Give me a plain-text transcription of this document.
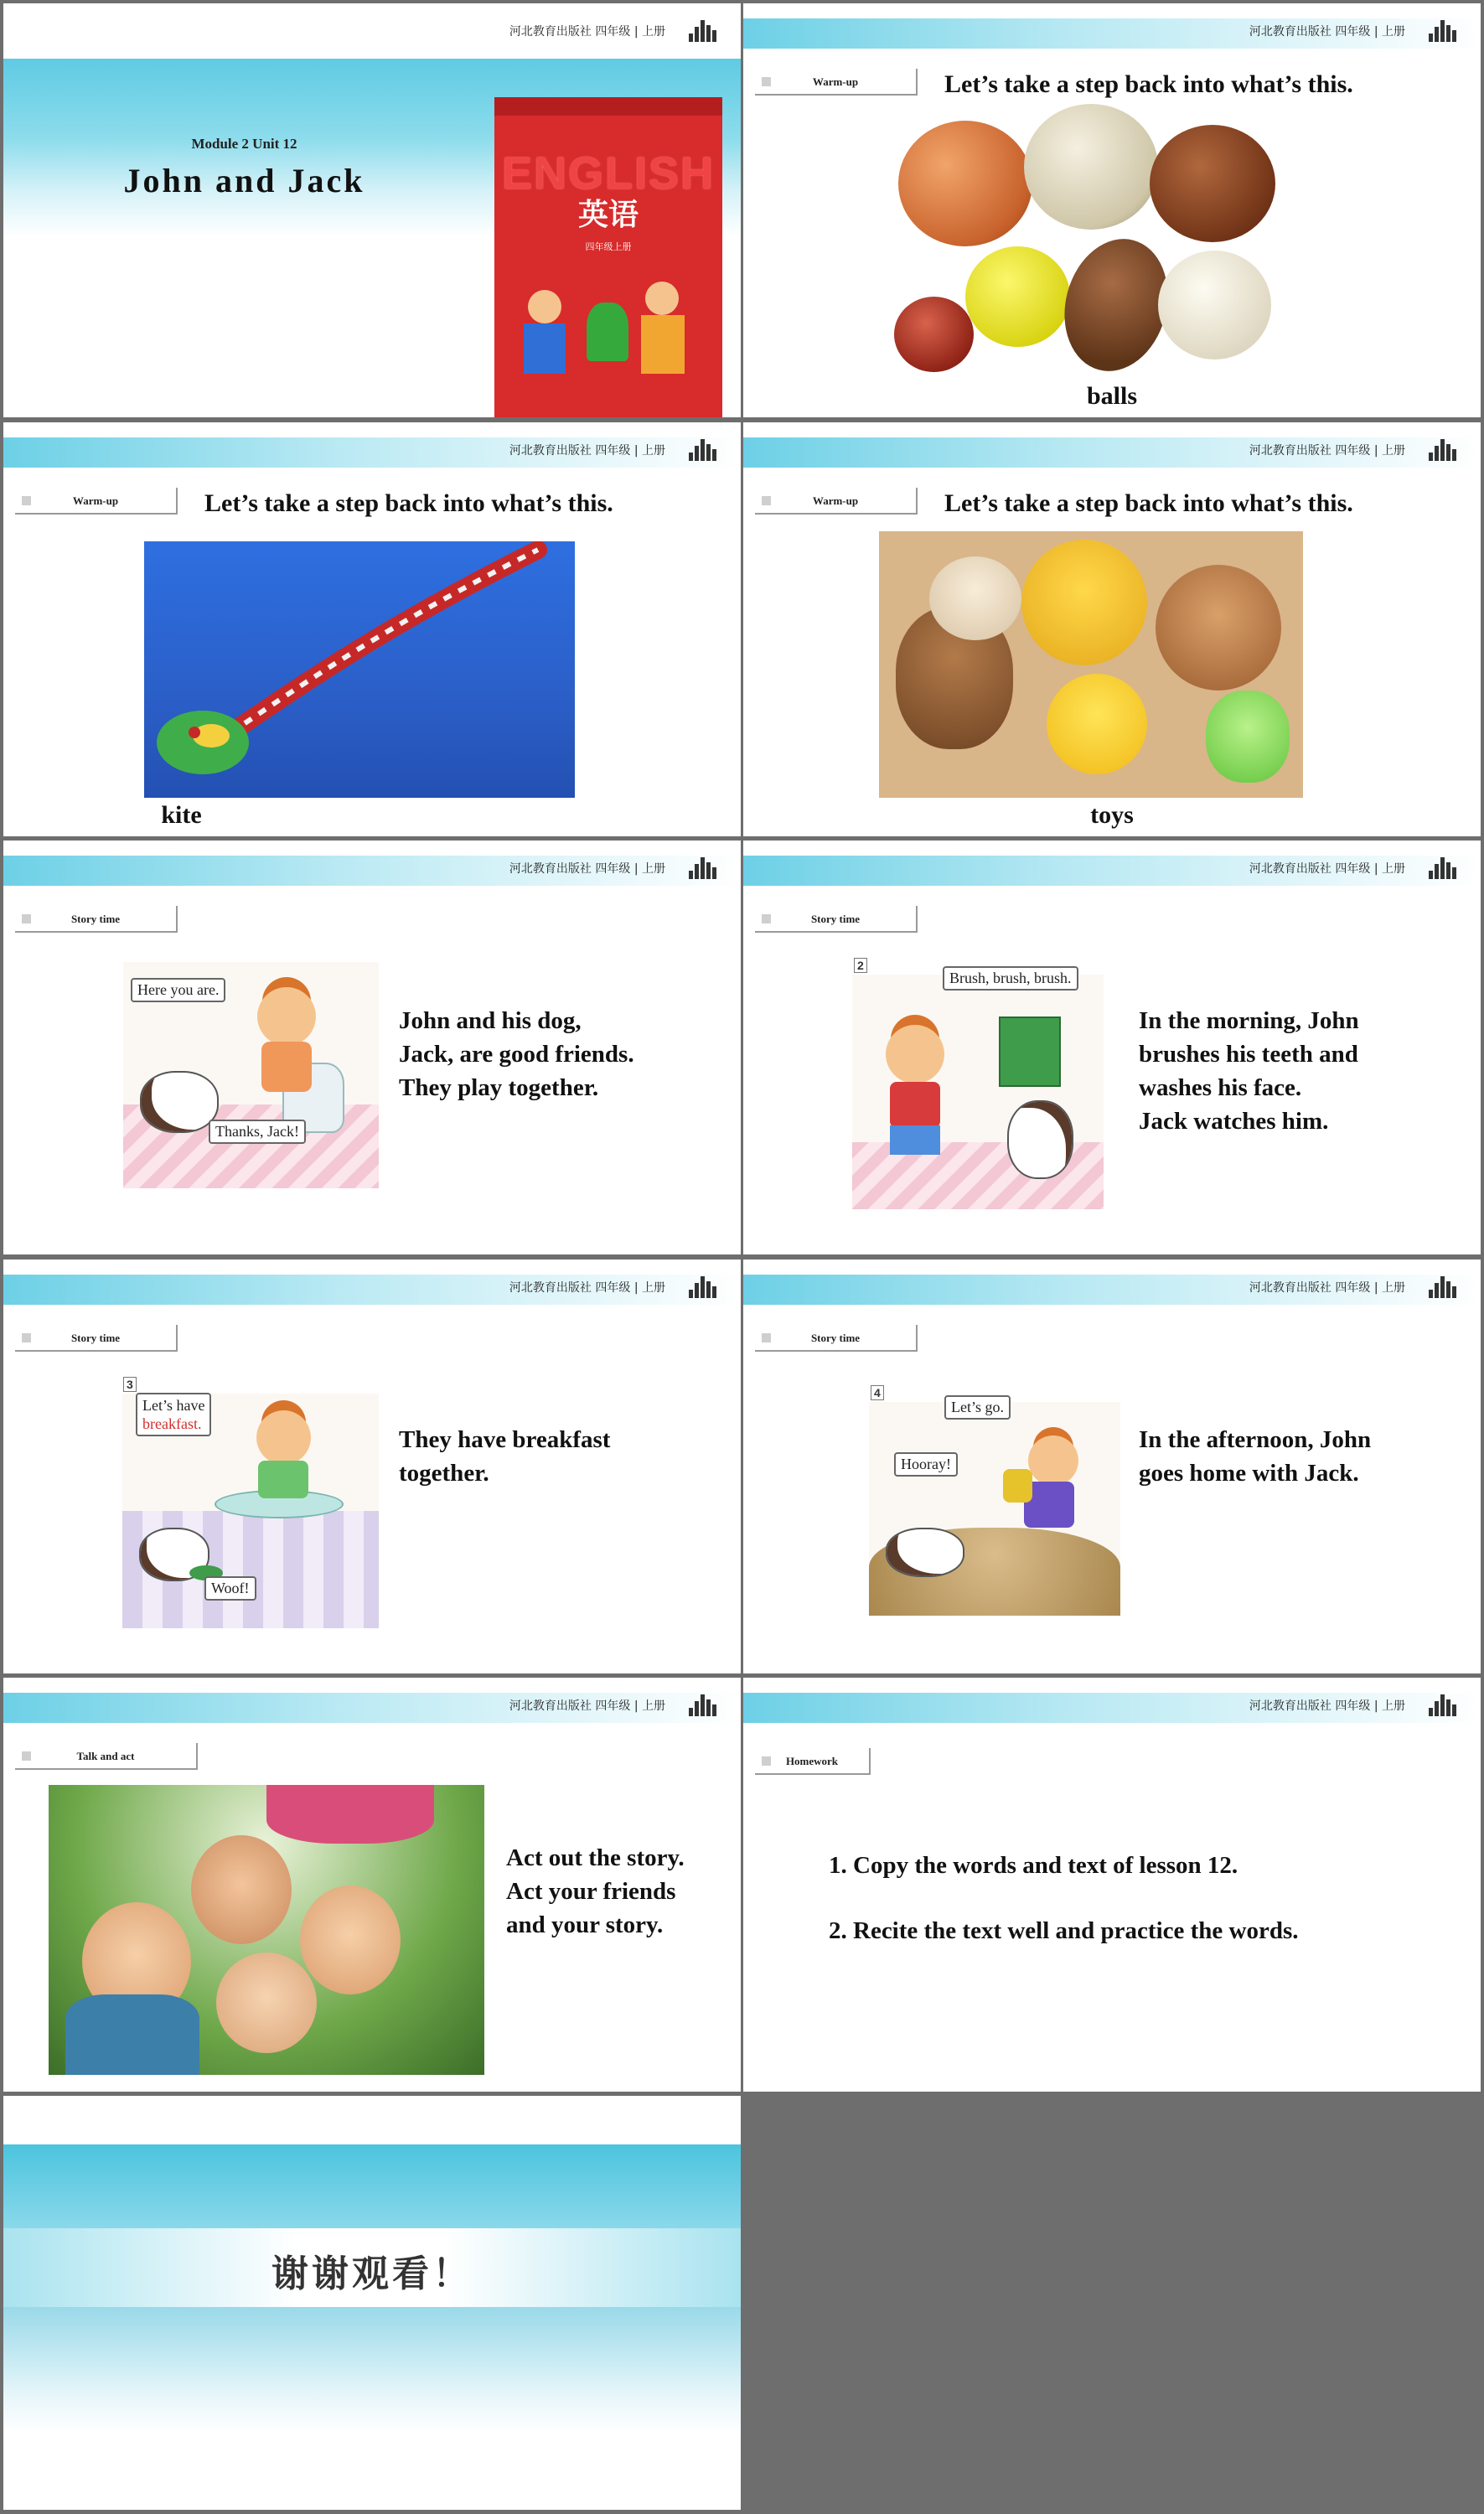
河北教育出版社 四年级 | 上册
Module 2 Unit 12
John and Jack	ENGLISH
英语
四年级上册
河北教育出版社 四年级 | 上册
Warm-up	Let’s take a step back into what’s this.
balls
河北教育出版社 四年级 | 上册
Warm-up	Let’s take a step back into what’s this.
kite
河北教育出版社 四年级 | 上册
Warm-up	Let’s take a step back into what’s this.
toys
河北教育出版社 四年级 | 上册
Story time
Here you are.
Thanks, Jack!
John and his dog,
Jack, are good friends.
They play together.
河北教育出版社 四年级 | 上册
Story time
2
Brush, brush, brush.
In the morning, John
brushes his teeth and
washes his face.
Jack watches him.
河北教育出版社 四年级 | 上册
Story time
3
Let’s have
breakfast.
Woof!
They have breakfast
together.
河北教育出版社 四年级 | 上册
Story time
4
Let’s go.
Hooray!
In the afternoon, John
goes home with Jack.
河北教育出版社 四年级 | 上册
Talk and act
Act out the story.
Act your friends
and your story.
河北教育出版社 四年级 | 上册
Homework
1. Copy the words and text of lesson 12.
2. Recite the text well and practice the words.
谢谢观看！
